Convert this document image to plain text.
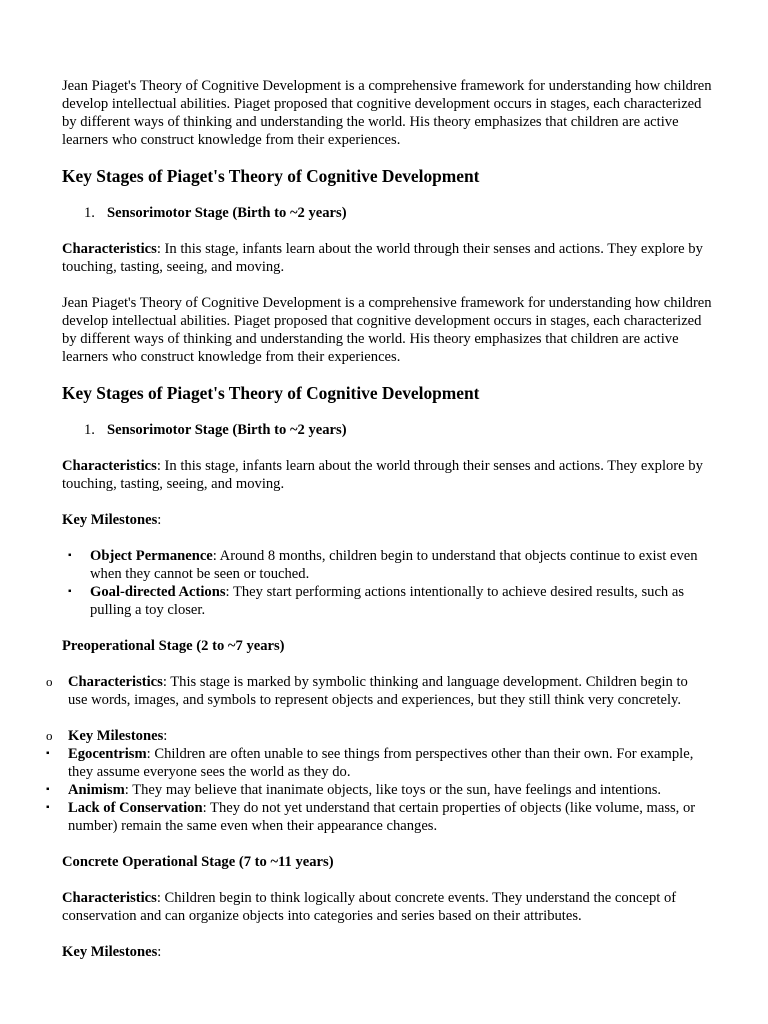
Jean Piaget's Theory of Cognitive Development is a comprehensive framework for understanding how children develop intellectual abilities. Piaget proposed that cognitive development occurs in stages, each characterized by different ways of thinking and understanding the world. His theory emphasizes that children are active learners who construct knowledge from their experiences.

Key Stages of Piaget's Theory of Cognitive Development
1. Sensorimotor Stage (Birth to ~2 years)

Characteristics: In this stage, infants learn about the world through their senses and actions. They explore by touching, tasting, seeing, and moving.

Jean Piaget's Theory of Cognitive Development is a comprehensive framework for understanding how children develop intellectual abilities. Piaget proposed that cognitive development occurs in stages, each characterized by different ways of thinking and understanding the world. His theory emphasizes that children are active learners who construct knowledge from their experiences.

Key Stages of Piaget's Theory of Cognitive Development
1. Sensorimotor Stage (Birth to ~2 years)

Characteristics: In this stage, infants learn about the world through their senses and actions. They explore by touching, tasting, seeing, and moving.

Key Milestones:

▪ Object Permanence: Around 8 months, children begin to understand that objects continue to exist even when they cannot be seen or touched.

▪ Goal-directed Actions: They start performing actions intentionally to achieve desired results, such as pulling a toy closer.

Preoperational Stage (2 to ~7 years)
o Characteristics: This stage is marked by symbolic thinking and language development. Children begin to use words, images, and symbols to represent objects and experiences, but they still think very concretely.

o Key Milestones:

▪ Egocentrism: Children are often unable to see things from perspectives other than their own. For example, they assume everyone sees the world as they do.

▪ Animism: They may believe that inanimate objects, like toys or the sun, have feelings and intentions.

▪ Lack of Conservation: They do not yet understand that certain properties of objects (like volume, mass, or number) remain the same even when their appearance changes.

Concrete Operational Stage (7 to ~11 years)

Characteristics: Children begin to think logically about concrete events. They understand the concept of conservation and can organize objects into categories and series based on their attributes.

Key Milestones:
